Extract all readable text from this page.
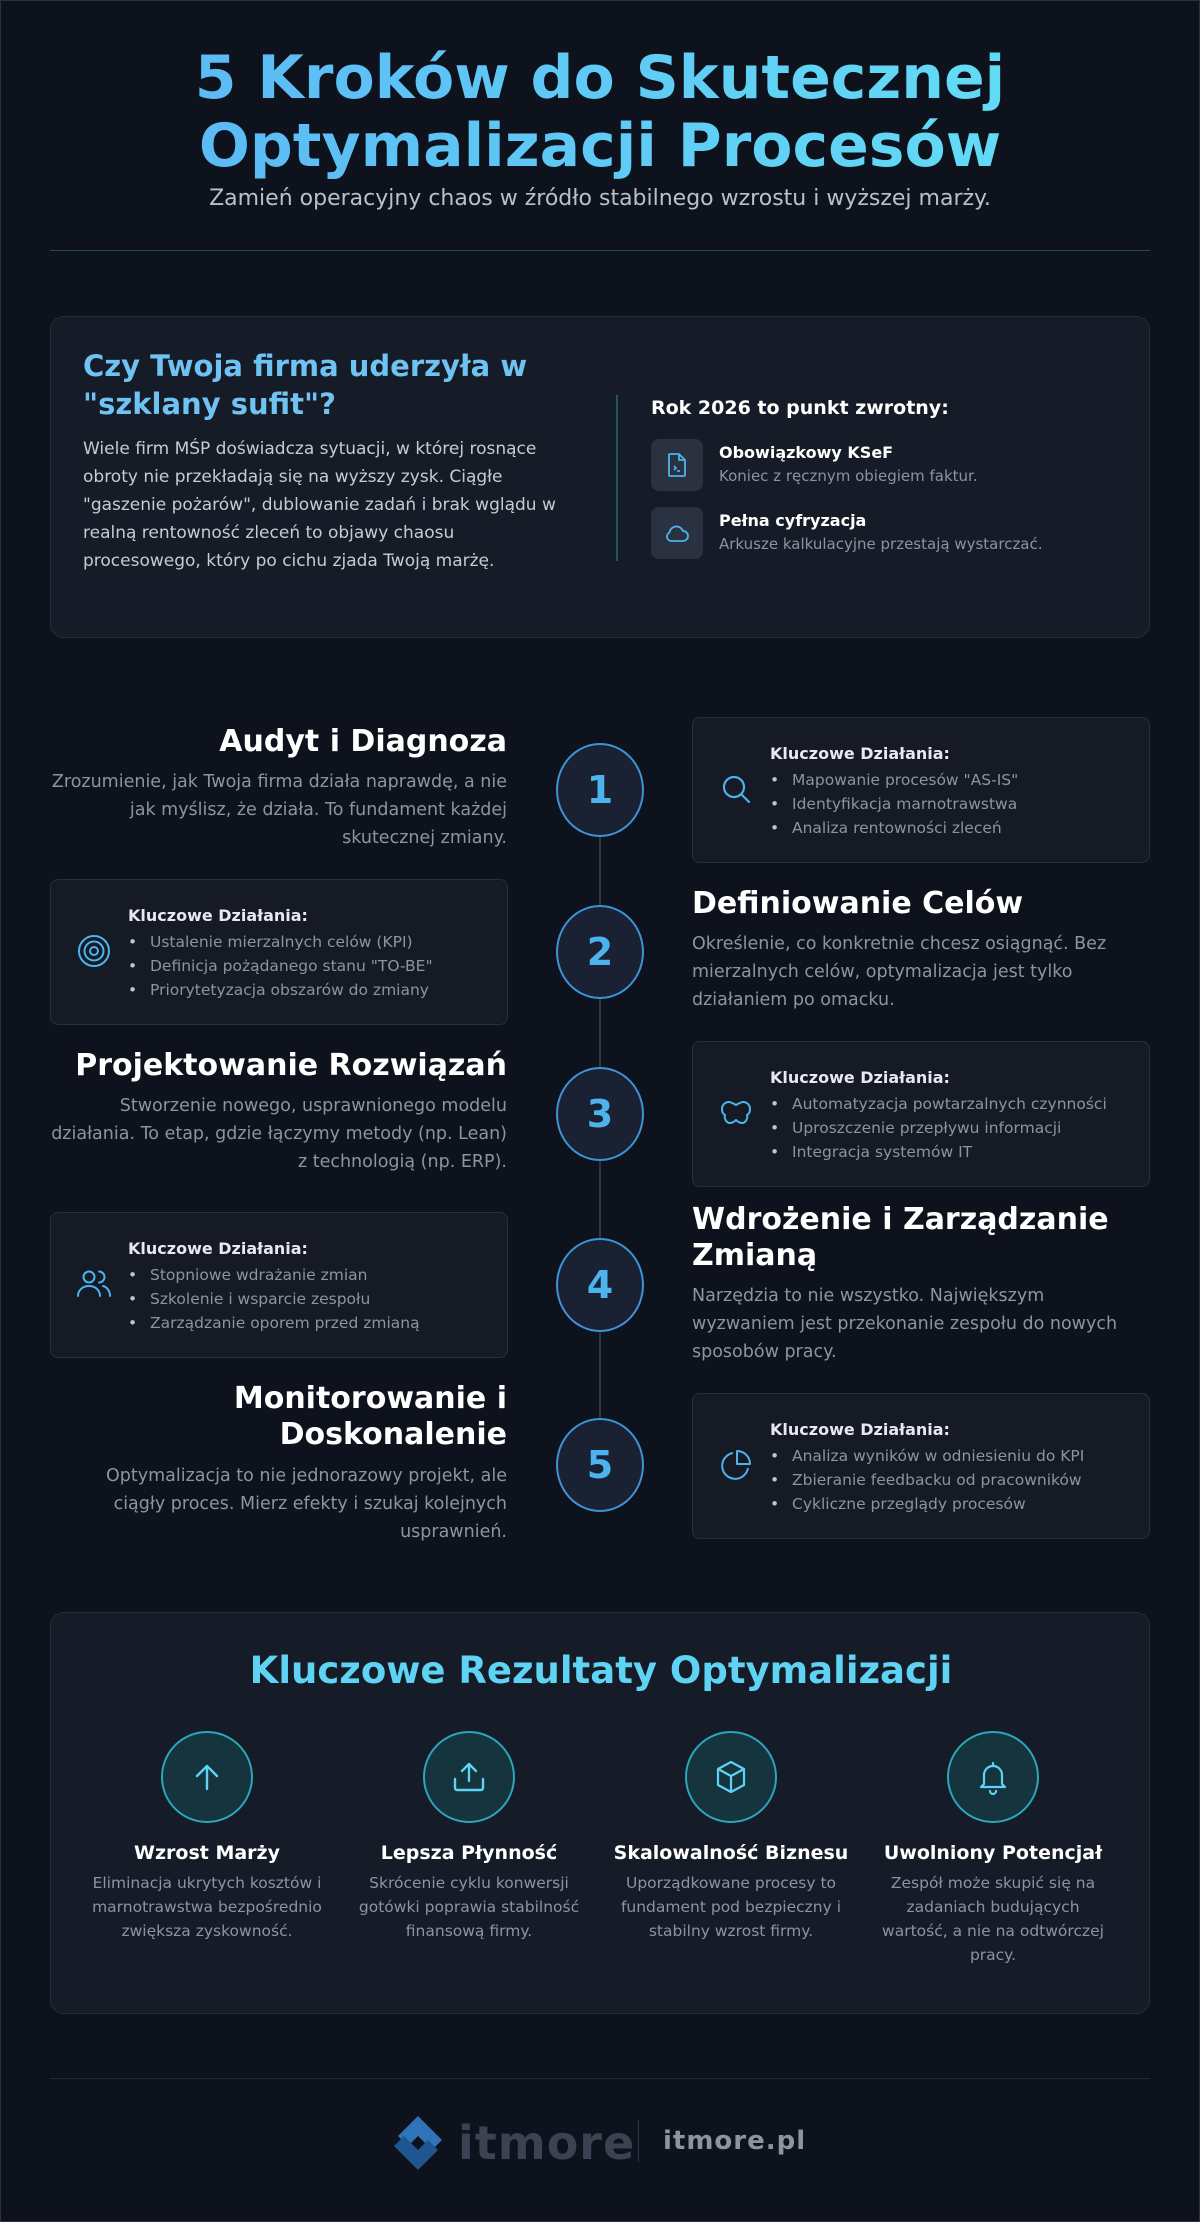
5 Kroków do Skutecznej
Optymalizacji Procesów
Zamień operacyjny chaos w źródło stabilnego wzrostu i wyższej marży.
Czy Twoja firma uderzyła w "szklany sufit"?
Wiele firm MŚP doświadcza sytuacji, w której rosnące obroty nie przekładają się na wyższy zysk. Ciągłe "gaszenie pożarów", dublowanie zadań i brak wglądu w realną rentowność zleceń to objawy chaosu procesowego, który po cichu zjada Twoją marżę.
Rok 2026 to punkt zwrotny:
Obowiązkowy KSeF
Koniec z ręcznym obiegiem faktur.
Pełna cyfryzacja
Arkusze kalkulacyjne przestają wystarczać.
Audyt i Diagnoza
Zrozumienie, jak Twoja firma działa naprawdę, a nie jak myślisz, że działa. To fundament każdej skutecznej zmiany.
1
Kluczowe Działania:
• Mapowanie procesów "AS-IS"
• Identyfikacja marnotrawstwa
• Analiza rentowności zleceń
Kluczowe Działania:
• Ustalenie mierzalnych celów (KPI)
• Definicja pożądanego stanu "TO-BE"
• Priorytetyzacja obszarów do zmiany
2
Definiowanie Celów
Określenie, co konkretnie chcesz osiągnąć. Bez mierzalnych celów, optymalizacja jest tylko działaniem po omacku.
Projektowanie Rozwiązań
Stworzenie nowego, usprawnionego modelu działania. To etap, gdzie łączymy metody (np. Lean) z technologią (np. ERP).
3
Kluczowe Działania:
• Automatyzacja powtarzalnych czynności
• Uproszczenie przepływu informacji
• Integracja systemów IT
Kluczowe Działania:
• Stopniowe wdrażanie zmian
• Szkolenie i wsparcie zespołu
• Zarządzanie oporem przed zmianą
4
Wdrożenie i Zarządzanie Zmianą
Narzędzia to nie wszystko. Największym wyzwaniem jest przekonanie zespołu do nowych sposobów pracy.
Monitorowanie i Doskonalenie
Optymalizacja to nie jednorazowy projekt, ale ciągły proces. Mierz efekty i szukaj kolejnych usprawnień.
5
Kluczowe Działania:
• Analiza wyników w odniesieniu do KPI
• Zbieranie feedbacku od pracowników
• Cykliczne przeglądy procesów
Kluczowe Rezultaty Optymalizacji
Wzrost Marży
Eliminacja ukrytych kosztów i marnotrawstwa bezpośrednio zwiększa zyskowność.
Lepsza Płynność
Skrócenie cyklu konwersji gotówki poprawia stabilność finansową firmy.
Skalowalność Biznesu
Uporządkowane procesy to fundament pod bezpieczny i stabilny wzrost firmy.
Uwolniony Potencjał
Zespół może skupić się na zadaniach budujących wartość, a nie na odtwórczej pracy.
itmore itmore.pl
